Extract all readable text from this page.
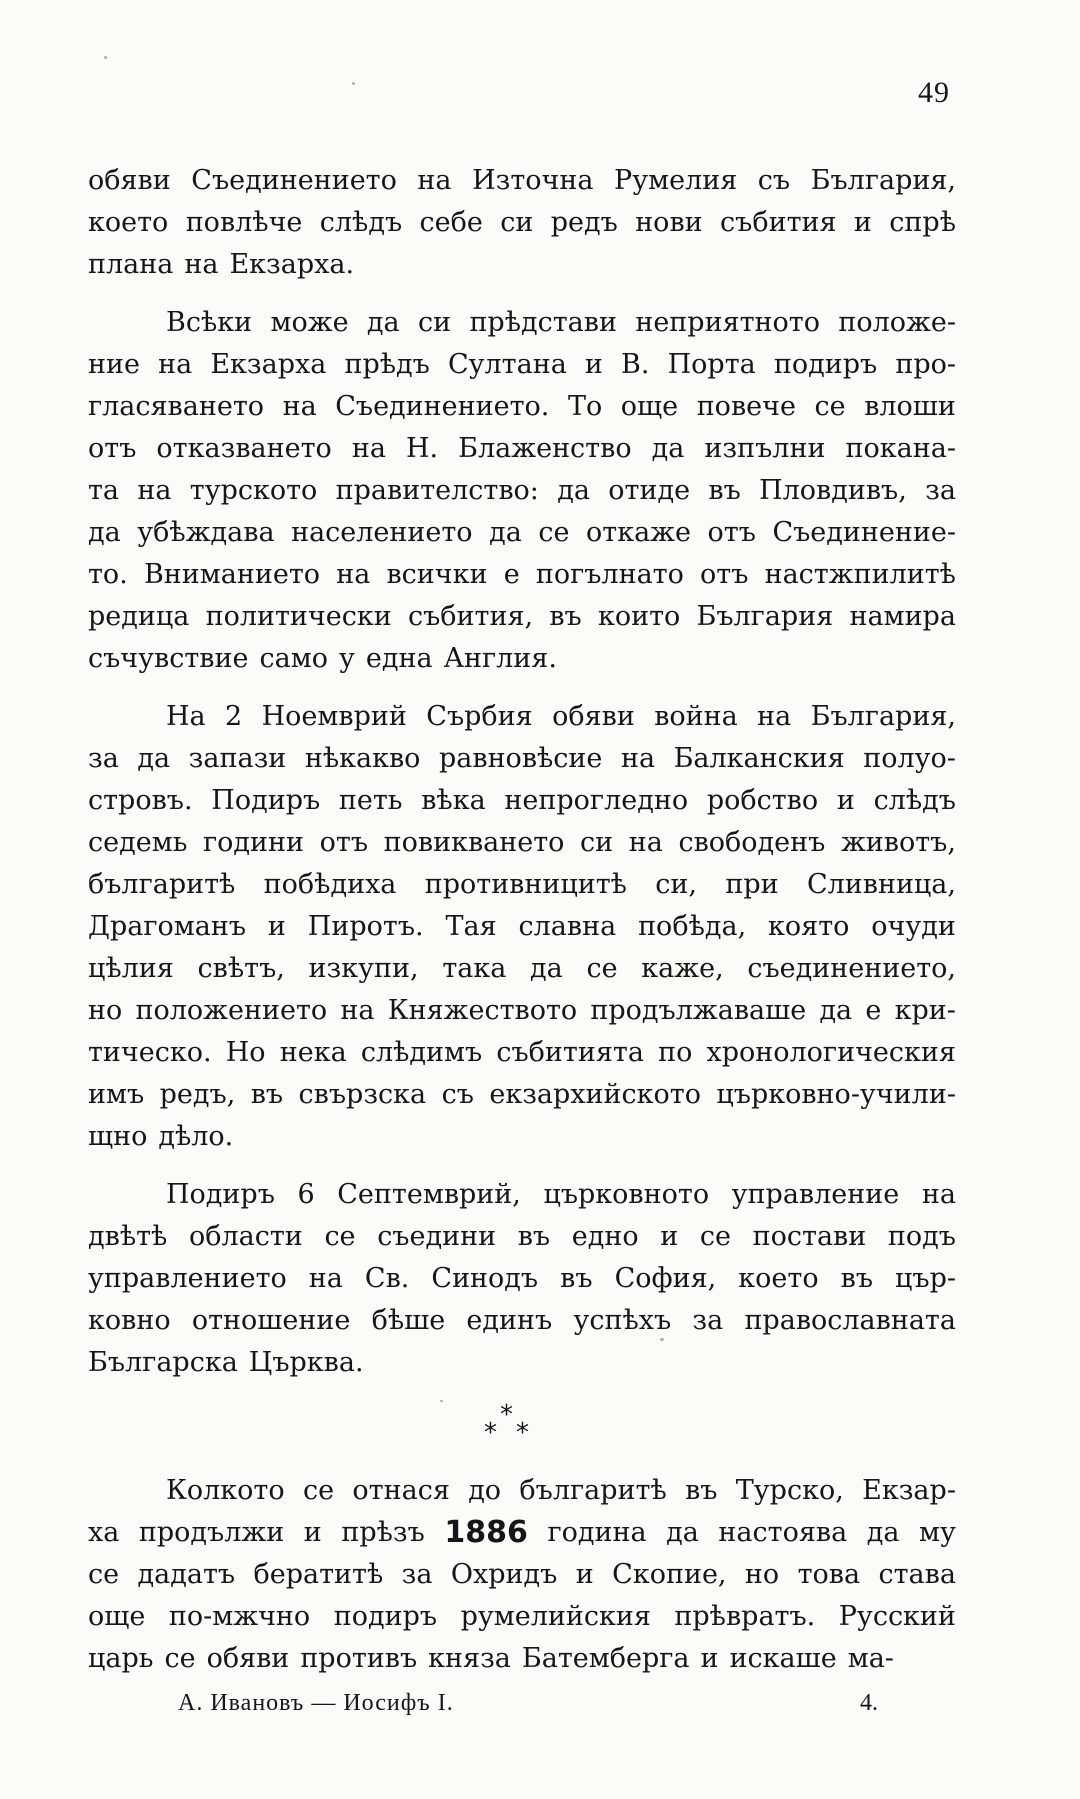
49
обяви Съединението на Източна Румелия съ България,
което повлѣче слѣдъ себе си редъ нови събития и спрѣ
плана на Екзарха.
Всѣки може да си прѣдстави неприятното положе-
ние на Екзарха прѣдъ Султана и В. Порта подиръ про-
гласяването на Съединението. То още повече се влоши
отъ отказването на Н. Блаженство да изпълни покана-
та на турското правителство: да отиде въ Пловдивъ, за
да убѣждава населението да се откаже отъ Съединение-
то. Вниманието на всички е погълнато отъ настжпилитѣ
редица политически събития, въ които България намира
съчувствие само у една Англия.
На 2 Ноемврий Сърбия обяви война на България,
за да запази нѣкакво равновѣсие на Балканския полуо-
стровъ. Подиръ петь вѣка непрогледно робство и слѣдъ
седемь години отъ повикването си на свободенъ животъ,
българитѣ побѣдиха противницитѣ си, при Сливница,
Драгоманъ и Пиротъ. Тая славна побѣда, която очуди
цѣлия свѣтъ, изкупи, така да се каже, съединението,
но положението на Княжеството продължаваше да е кри-
тическо. Но нека слѣдимъ събитията по хронологическия
имъ редъ, въ свързска съ екзархийското църковно-учили-
щно дѣло.
Подиръ 6 Септемврий, църковното управление на
двѣтѣ области се съедини въ едно и се постави подъ
управлението на Св. Синодъ въ София, което въ цър-
ковно отношение бѣше единъ успѣхъ за православната
Българска Църква.
*
* *
Колкото се отнася до българитѣ въ Турско, Екзар-
ха продължи и прѣзъ 1886 година да настоява да му
се дадатъ бератитѣ за Охридъ и Скопие, но това става
още по-мжчно подиръ румелийския прѣвратъ. Русский
царь се обяви противъ княза Батемберга и искаше ма-
А. Ивановъ — Иосифъ I.	4.
